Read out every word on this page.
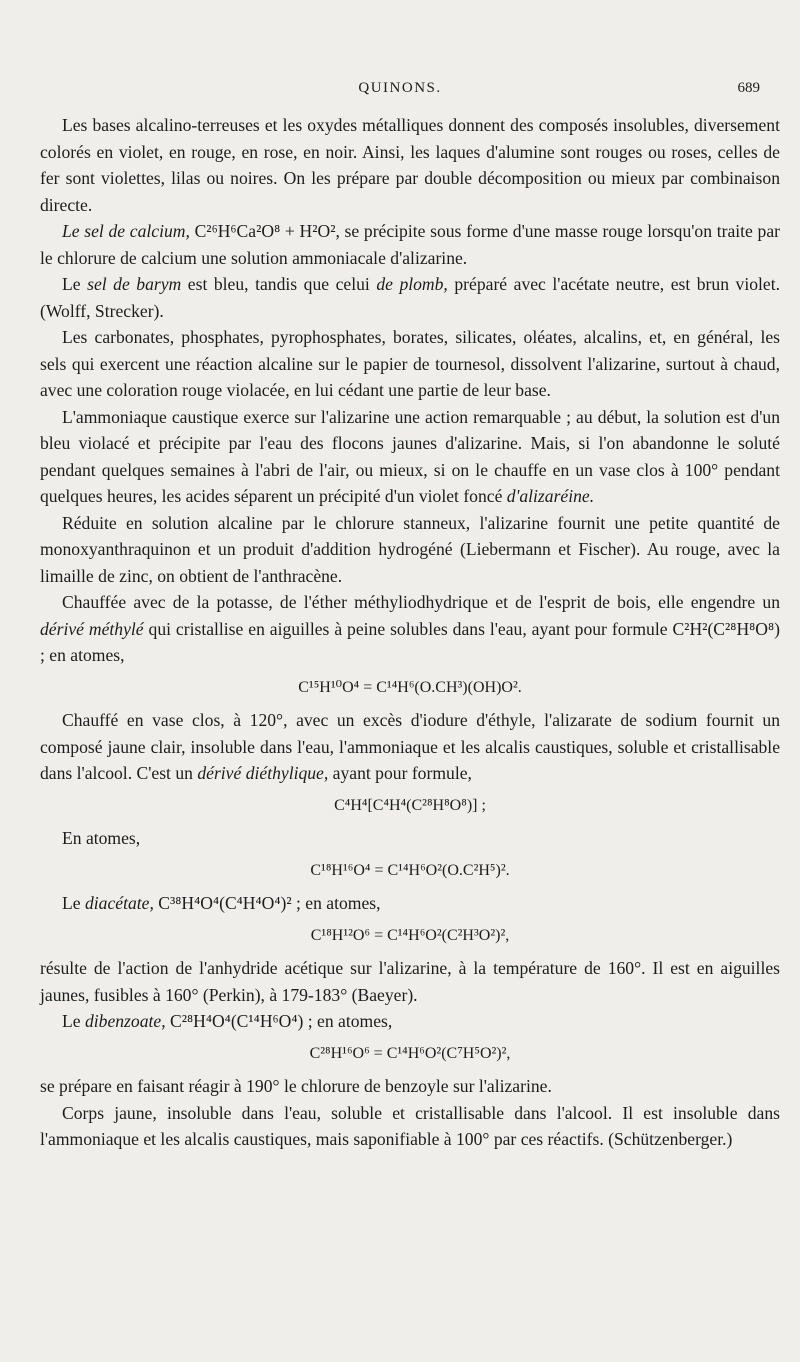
QUINONS.	689

Les bases alcalino-terreuses et les oxydes métalliques donnent des composés insolubles, diversement colorés en violet, en rouge, en rose, en noir. Ainsi, les laques d'alumine sont rouges ou roses, celles de fer sont violettes, lilas ou noires. On les prépare par double décomposition ou mieux par combinaison directe.

Le sel de calcium, C²⁶H⁶Ca²O⁸ + H²O², se précipite sous forme d'une masse rouge lorsqu'on traite par le chlorure de calcium une solution ammoniacale d'alizarine.

Le sel de barym est bleu, tandis que celui de plomb, préparé avec l'acétate neutre, est brun violet. (Wolff, Strecker).

Les carbonates, phosphates, pyrophosphates, borates, silicates, oléates, alcalins, et, en général, les sels qui exercent une réaction alcaline sur le papier de tournesol, dissolvent l'alizarine, surtout à chaud, avec une coloration rouge violacée, en lui cédant une partie de leur base.

L'ammoniaque caustique exerce sur l'alizarine une action remarquable ; au début, la solution est d'un bleu violacé et précipite par l'eau des flocons jaunes d'alizarine. Mais, si l'on abandonne le soluté pendant quelques semaines à l'abri de l'air, ou mieux, si on le chauffe en un vase clos à 100° pendant quelques heures, les acides séparent un précipité d'un violet foncé d'alizaréine.

Réduite en solution alcaline par le chlorure stanneux, l'alizarine fournit une petite quantité de monoxyanthraquinon et un produit d'addition hydrogéné (Liebermann et Fischer). Au rouge, avec la limaille de zinc, on obtient de l'anthracène.

Chauffée avec de la potasse, de l'éther méthyliodhydrique et de l'esprit de bois, elle engendre un dérivé méthylé qui cristallise en aiguilles à peine solubles dans l'eau, ayant pour formule C²H²(C²⁸H⁸O⁸) ; en atomes,

C¹⁵H¹⁰O⁴ = C¹⁴H⁶(O.CH³)(OH)O².

Chauffé en vase clos, à 120°, avec un excès d'iodure d'éthyle, l'alizarate de sodium fournit un composé jaune clair, insoluble dans l'eau, l'ammoniaque et les alcalis caustiques, soluble et cristallisable dans l'alcool. C'est un dérivé diéthylique, ayant pour formule,

C⁴H⁴[C⁴H⁴(C²⁸H⁸O⁸)] ;

En atomes,

C¹⁸H¹⁶O⁴ = C¹⁴H⁶O²(O.C²H⁵)².

Le diacétate, C³⁸H⁴O⁴(C⁴H⁴O⁴)² ; en atomes,

C¹⁸H¹²O⁶ = C¹⁴H⁶O²(C²H³O²)²,

résulte de l'action de l'anhydride acétique sur l'alizarine, à la température de 160°. Il est en aiguilles jaunes, fusibles à 160° (Perkin), à 179-183° (Baeyer).

Le dibenzoate, C²⁸H⁴O⁴(C¹⁴H⁶O⁴) ; en atomes,

C²⁸H¹⁶O⁶ = C¹⁴H⁶O²(C⁷H⁵O²)²,

se prépare en faisant réagir à 190° le chlorure de benzoyle sur l'alizarine.

Corps jaune, insoluble dans l'eau, soluble et cristallisable dans l'alcool. Il est insoluble dans l'ammoniaque et les alcalis caustiques, mais saponifiable à 100° par ces réactifs. (Schützenberger.)
